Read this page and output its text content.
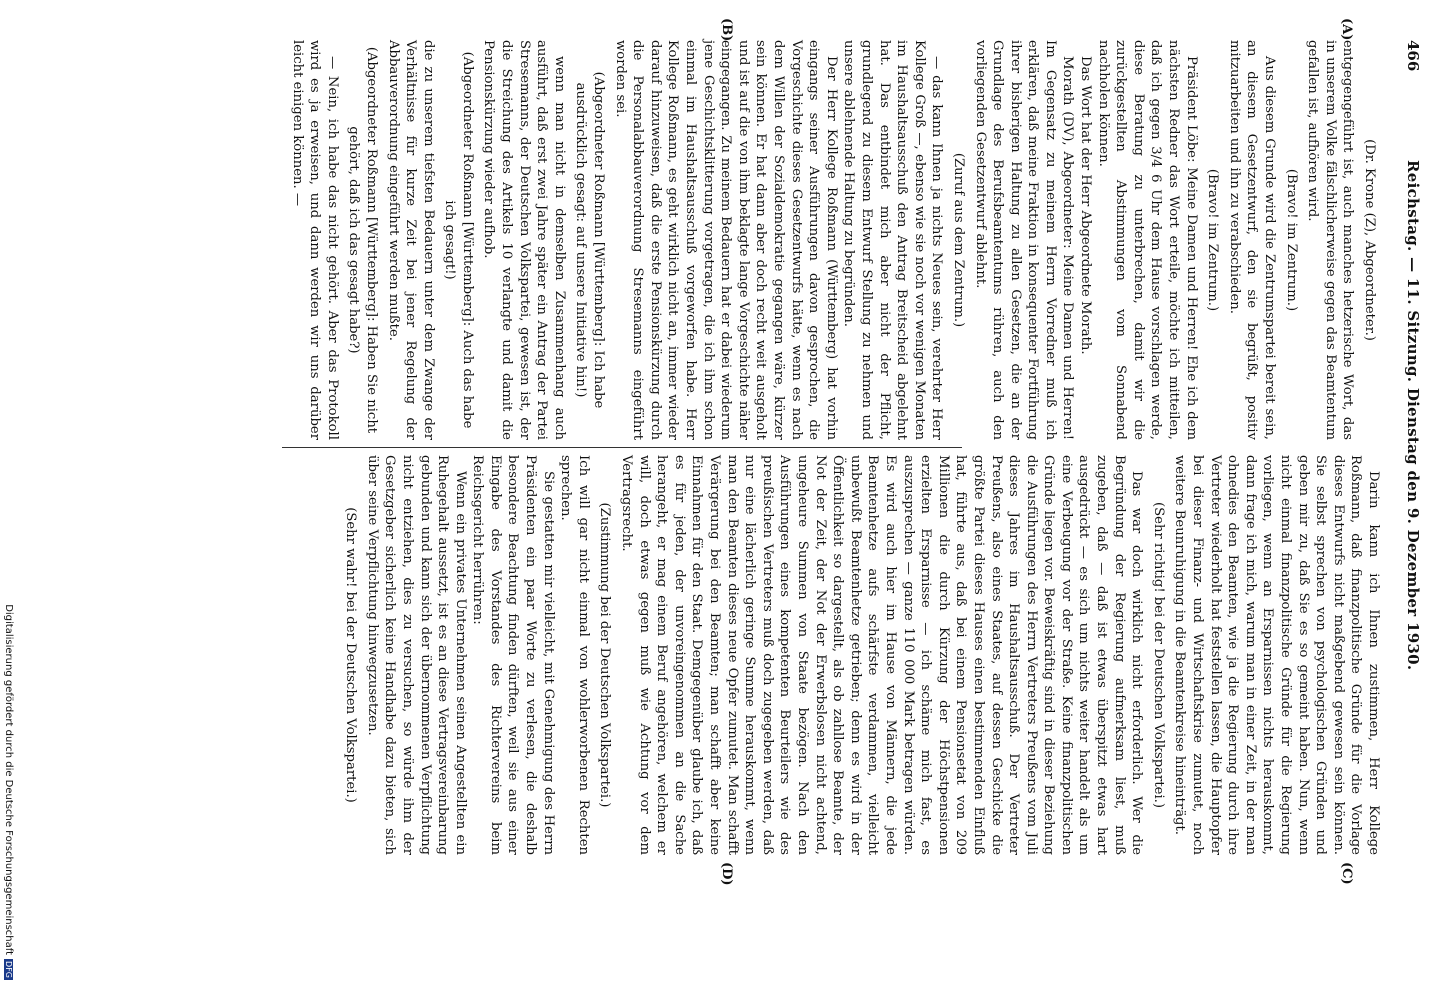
466
Reichstag. — 11. Sitzung. Dienstag den 9. Dezember 1930.
(A)
(B)
(C)
(D)

(Dr. Krone (Z), Abgeordneter.)

entgegengeführt ist, auch manches hetzerische Wort, das in unserem Volke fälschlicherweise gegen das Beamtentum gefallen ist, aufhören wird.

(Bravo! im Zentrum.)

Aus diesem Grunde wird die Zentrumspartei bereit sein, an diesem Gesetzentwurf, den sie begrüßt, positiv mitzuarbeiten und ihn zu verabschieden.

(Bravo! im Zentrum.)

Präsident Löbe: Meine Damen und Herren! Ehe ich dem nächsten Redner das Wort erteile, möchte ich mitteilen, daß ich gegen 3/4 6 Uhr dem Hause vorschlagen werde, diese Beratung zu unterbrechen, damit wir die zurückgestellten Abstimmungen vom Sonnabend nachholen können.

Das Wort hat der Herr Abgeordnete Morath.

Morath (DV), Abgeordneter: Meine Damen und Herren! Im Gegensatz zu meinem Herrn Vorredner muß ich erklären, daß meine Fraktion in konsequenter Fortführung ihrer bisherigen Haltung zu allen Gesetzen, die an der Grundlage des Berufsbeamtentums rühren, auch den vorliegenden Gesetzentwurf ablehnt.

(Zuruf aus dem Zentrum.)

— das kann Ihnen ja nichts Neues sein, verehrter Herr Kollege Groß —, ebenso wie sie noch vor wenigen Monaten im Haushaltsausschuß den Antrag Breitscheid abgelehnt hat. Das entbindet mich aber nicht der Pflicht, grundlegend zu diesem Entwurf Stellung zu nehmen und unsere ablehnende Haltung zu begründen.

Der Herr Kollege Roßmann (Württemberg) hat vorhin eingangs seiner Ausführungen davon gesprochen, die Vorgeschichte dieses Gesetzentwurfs hätte, wenn es nach dem Willen der Sozialdemokratie gegangen wäre, kürzer sein können. Er hat dann aber doch recht weit ausgeholt und ist auf die von ihm beklagte lange Vorgeschichte näher eingegangen. Zu meinem Bedauern hat er dabei wiederum jene Geschichtsklitterung vorgetragen, die ich ihm schon einmal im Haushaltsausschuß vorgeworfen habe. Herr Kollege Roßmann, es geht wirklich nicht an, immer wieder darauf hinzuweisen, daß die erste Pensionskürzung durch die Personalabbauverordnung Stresemanns eingeführt worden sei.

(Abgeordneter Roßmann [Württemberg]: Ich habe ausdrücklich gesagt: auf unsere Initiative hin!)

wenn man nicht in demselben Zusammenhang auch ausführt, daß erst zwei Jahre später ein Antrag der Partei Stresemanns, der Deutschen Volkspartei, gewesen ist, der die Streichung des Artikels 10 verlangte und damit die Pensionskürzung wieder aufhob.

(Abgeordneter Roßmann [Württemberg]: Auch das habe ich gesagt!)

die zu unserem tiefsten Bedauern unter dem Zwange der Verhältnisse für kurze Zeit bei jener Regelung der Abbauverordnung eingeführt werden mußte.

(Abgeordneter Roßmann [Württemberg]: Haben Sie nicht gehört, daß ich das gesagt habe?)

— Nein, ich habe das nicht gehört. Aber das Protokoll wird es ja erweisen, und dann werden wir uns darüber leicht einigen können. —

Darin kann ich Ihnen zustimmen, Herr Kollege Roßmann, daß finanzpolitische Gründe für die Vorlage dieses Entwurfs nicht maßgebend gewesen sein können. Sie selbst sprechen von psychologischen Gründen und geben mir zu, daß Sie es so gemeint haben. Nun, wenn nicht einmal finanzpolitische Gründe für die Regierung vorliegen, wenn an Ersparnissen nichts herauskommt, dann frage ich mich, warum man in einer Zeit, in der man ohnedies den Beamten, wie ja die Regierung durch ihre Vertreter wiederholt hat feststellen lassen, die Hauptopfer bei dieser Finanz- und Wirtschaftskrise zumutet, noch weitere Beunruhigung in die Beamtenkreise hineinträgt.

(Sehr richtig! bei der Deutschen Volkspartei.)

Das war doch wirklich nicht erforderlich. Wer die Begründung der Regierung aufmerksam liest, muß zugeben, daß — daß ist etwas überspitzt etwas hart ausgedrückt — es sich um nichts weiter handelt als um eine Verbeugung vor der Straße. Keine finanzpolitischen Gründe liegen vor. Beweiskräftig sind in dieser Beziehung die Ausführungen des Herrn Vertreters Preußens vom Juli dieses Jahres im Haushaltsausschuß. Der Vertreter Preußens, also eines Staates, auf dessen Geschicke die größte Partei dieses Hauses einen bestimmenden Einfluß hat, führte aus, daß bei einem Pensionsetat von 209 Millionen die durch Kürzung der Höchstpensionen erzielten Ersparnisse — ich schäme mich fast, es auszusprechen — ganze 110 000 Mark betragen würden. Es wird auch hier im Hause von Männern, die jede Beamtenhetze aufs schärfste verdammen, vielleicht unbewußt Beamtenhetze getrieben; denn es wird in der Öffentlichkeit so dargestellt, als ob zahllose Beamte, der Not der Zeit, der Not der Erwerbslosen nicht achtend, ungeheure Summen von Staate bezögen. Nach den Ausführungen eines kompetenten Beurteilers wie des preußischen Vertreters muß doch zugegeben werden, daß nur eine lächerlich geringe Summe herauskommt, wenn man den Beamten dieses neue Opfer zumutet. Man schafft Verärgerung bei den Beamten; man schafft aber keine Einnahmen für den Staat. Demgegenüber glaube ich, daß es für jeden, der unvoreingenommen an die Sache herangeht, er mag einem Beruf angehören, welchem er will, doch etwas gegen muß wie Achtung vor dem Vertragsrecht.

(Zustimmung bei der Deutschen Volkspartei.)

Ich will gar nicht einmal von wohlerworbenen Rechten sprechen.

Sie gestatten mir vielleicht, mit Genehmigung des Herrn Präsidenten ein paar Worte zu verlesen, die deshalb besondere Beachtung finden dürften, weil sie aus einer Eingabe des Vorstandes des Richtervereins beim Reichsgericht herrühren:

Wenn ein privates Unternehmen seinen Angestellten ein Ruhegehalt aussetzt, ist es an diese Vertragsvereinbarung gebunden und kann sich der übernommenen Verpflichtung nicht entziehen, dies zu versuchen, so würde ihm der Gesetzgeber sicherlich keine Handhabe dazu bieten, sich über seine Verpflichtung hinwegzusetzen.

(Sehr wahr! bei der Deutschen Volkspartei.)

Digitalisierung gefördert durch die Deutsche ForschungsgemeinschaftDFG
